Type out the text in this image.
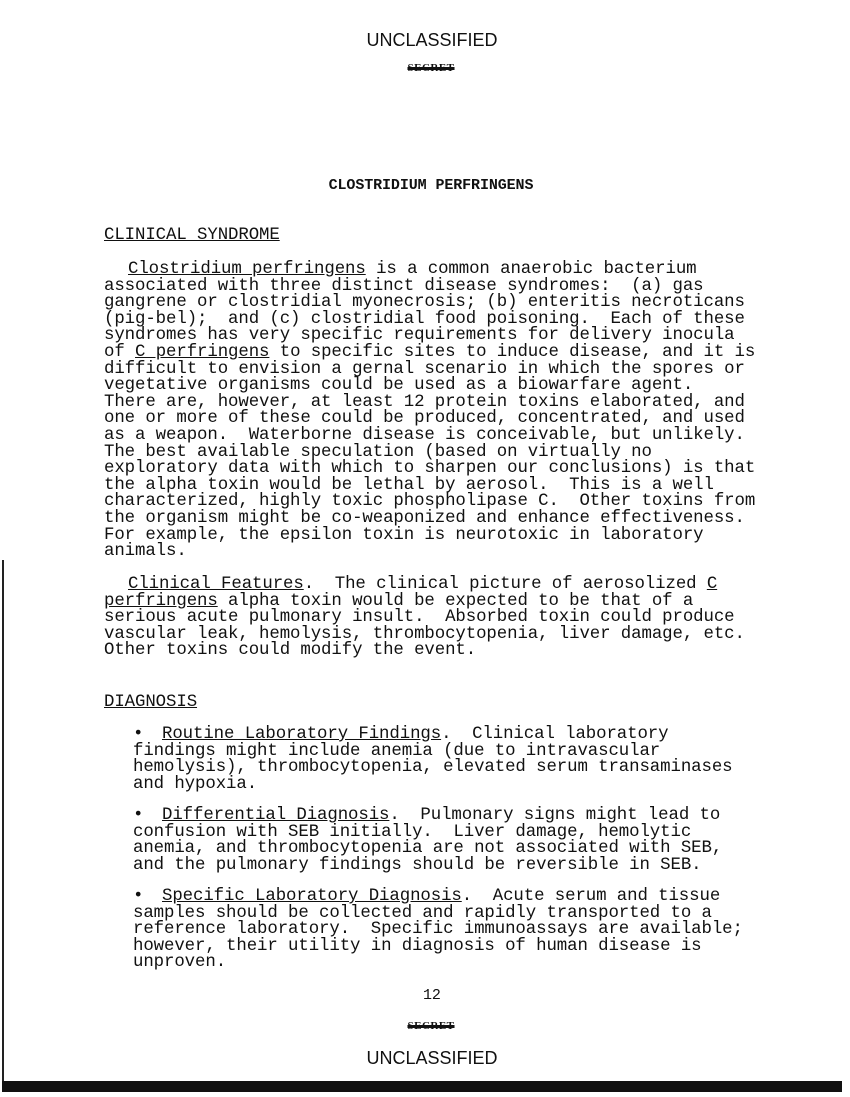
UNCLASSIFIED
SECRET
CLOSTRIDIUM PERFRINGENS
CLINICAL SYNDROME
Clostridium perfringens is a common anaerobic bacterium
associated with three distinct disease syndromes:  (a) gas
gangrene or clostridial myonecrosis; (b) enteritis necroticans
(pig-bel);  and (c) clostridial food poisoning.  Each of these
syndromes has very specific requirements for delivery inocula
of C perfringens to specific sites to induce disease, and it is
difficult to envision a gernal scenario in which the spores or
vegetative organisms could be used as a biowarfare agent.
There are, however, at least 12 protein toxins elaborated, and
one or more of these could be produced, concentrated, and used
as a weapon.  Waterborne disease is conceivable, but unlikely.
The best available speculation (based on virtually no
exploratory data with which to sharpen our conclusions) is that
the alpha toxin would be lethal by aerosol.  This is a well
characterized, highly toxic phospholipase C.  Other toxins from
the organism might be co-weaponized and enhance effectiveness.
For example, the epsilon toxin is neurotoxic in laboratory
animals.
Clinical Features.  The clinical picture of aerosolized C
perfringens alpha toxin would be expected to be that of a
serious acute pulmonary insult.  Absorbed toxin could produce
vascular leak, hemolysis, thrombocytopenia, liver damage, etc.
Other toxins could modify the event.
DIAGNOSIS
• Routine Laboratory Findings.  Clinical laboratory
findings might include anemia (due to intravascular
hemolysis), thrombocytopenia, elevated serum transaminases
and hypoxia.
• Differential Diagnosis.  Pulmonary signs might lead to
confusion with SEB initially.  Liver damage, hemolytic
anemia, and thrombocytopenia are not associated with SEB,
and the pulmonary findings should be reversible in SEB.
• Specific Laboratory Diagnosis.  Acute serum and tissue
samples should be collected and rapidly transported to a
reference laboratory.  Specific immunoassays are available;
however, their utility in diagnosis of human disease is
unproven.
12
SECRET
UNCLASSIFIED
